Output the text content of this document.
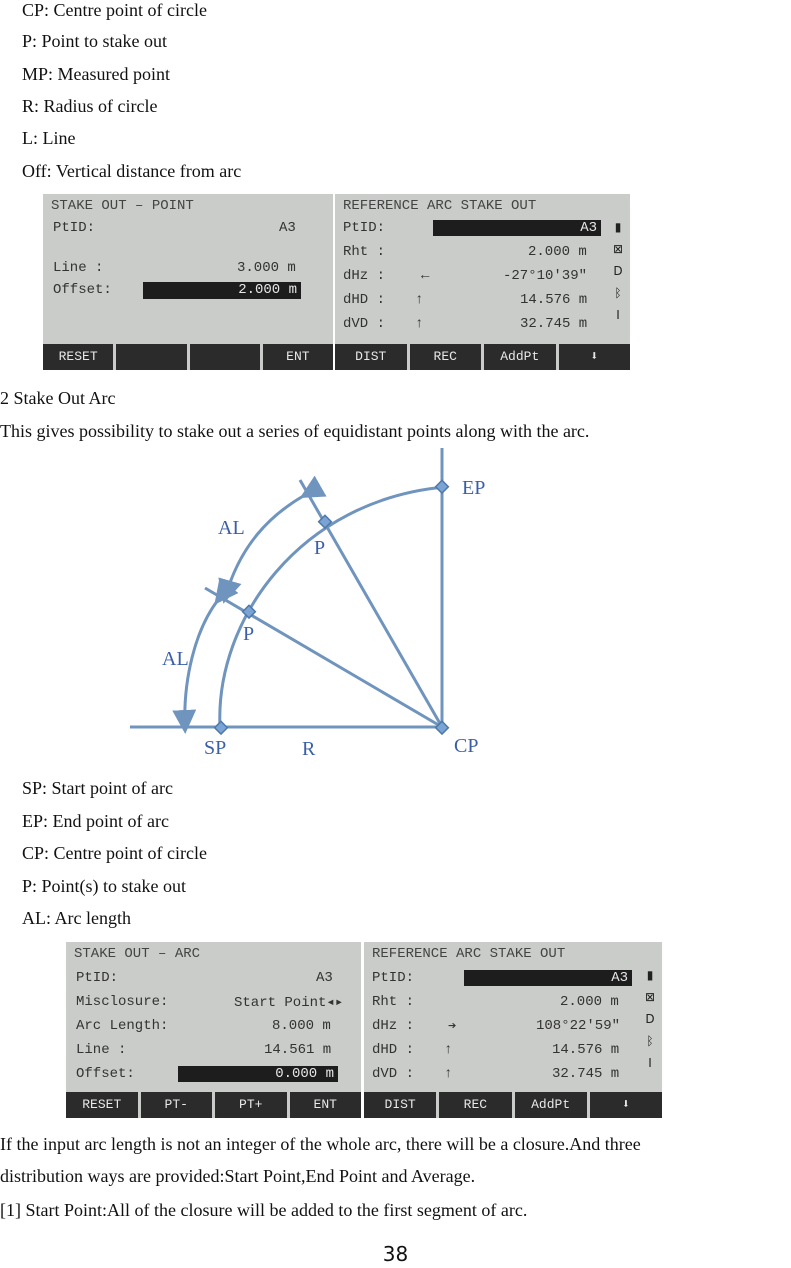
CP: Centre point of circle
P: Point to stake out
MP: Measured point
R: Radius of circle
L: Line
Off: Vertical distance from arc
STAKE OUT – POINT
PtID:	A3
Line :	3.000 m
Offset:	2.000 m
RESET	ENT
REFERENCE ARC STAKE OUT
PtID:	A3
Rht :	2.000 m
dHz :	←	-27°10′39″
dHD : ↑	14.576 m
dVD : ↑	32.745 m
▮
⊠
D
ᛒ
I
DIST	REC	AddPt	⬇
2 Stake Out Arc
This gives possibility to stake out a series of equidistant points along with the arc.
EP
AL
P
P
AL
SP	R	CP
SP: Start point of arc
EP: End point of arc
CP: Centre point of circle
P: Point(s) to stake out
AL: Arc length
STAKE OUT – ARC
PtID:	A3
Misclosure:	Start Point◂▸
Arc Length:	8.000 m
Line :	14.561 m
Offset:	0.000 m
RESET	PT-	PT+	ENT
REFERENCE ARC STAKE OUT
PtID:	A3
Rht :	2.000 m
dHz : ➔	108°22′59″
dHD : ↑	14.576 m
dVD : ↑	32.745 m
▮
⊠
D
ᛒ
I
DIST	REC	AddPt	⬇
If the input arc length is not an integer of the whole arc, there will be a closure.And three
distribution ways are provided:Start Point,End Point and Average.
[1] Start Point:All of the closure will be added to the first segment of arc.
38
